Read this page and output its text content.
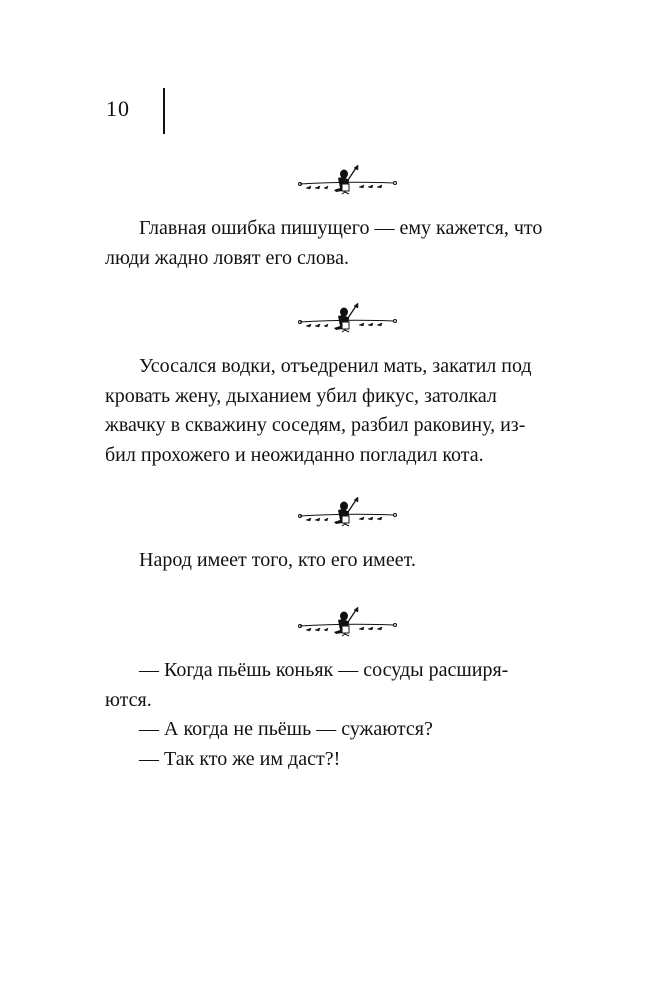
10

Главная ошибка пишущего — ему кажется, что

люди жадно ловят его слова.

Усосался водки, отъедренил мать, закатил под

кровать жену, дыханием убил фикус, затолкал

жвачку в скважину соседям, разбил раковину, из-

бил прохожего и неожиданно погладил кота.

Народ имеет того, кто его имеет.

— Когда пьёшь коньяк — сосуды расширя-

ются.

— А когда не пьёшь — сужаются?

— Так кто же им даст?!
